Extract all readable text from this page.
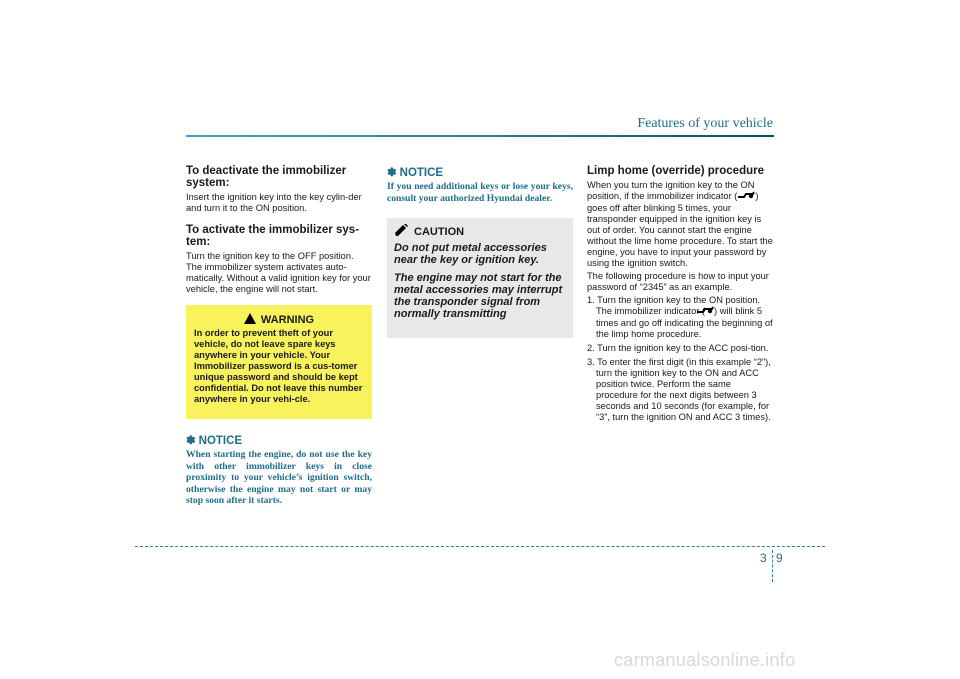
Features of your vehicle
To deactivate the immobilizer system:
Insert the ignition key into the key cylin-der and turn it to the ON position.
To activate the immobilizer sys-tem:
Turn the ignition key to the OFF position. The immobilizer system activates auto-matically. Without a valid ignition key for your vehicle, the engine will not start.
WARNING
In order to prevent theft of your vehicle, do not leave spare keys anywhere in your vehicle. Your Immobilizer password is a cus-tomer unique password and should be kept confidential. Do not leave this number anywhere in your vehi-cle.
✽ NOTICE
When starting the engine, do not use the key with other immobilizer keys in close proximity to your vehicle’s ignition switch, otherwise the engine may not start or may stop soon after it starts.
✽ NOTICE
If you need additional keys or lose your keys, consult your authorized Hyundai dealer.
CAUTION
Do not put metal accessories near the key or ignition key.
The engine may not start for the metal accessories may interrupt the transponder signal from normally transmitting
Limp home (override) procedure
When you turn the ignition key to the ON position, if the immobilizer indicator ( ) goes off after blinking 5 times, your transponder equipped in the ignition key is out of order. You cannot start the engine without the lime home procedure. To start the engine, you have to input your password by using the ignition switch.
The following procedure is how to input your password of “2345” as an example.
1. Turn the ignition key to the ON position. The immobilizer indicator ( ) will blink 5 times and go off indicating the beginning of the limp home procedure.
2. Turn the ignition key to the ACC posi-tion.
3. To enter the first digit (in this example “2”), turn the ignition key to the ON and ACC position twice. Perform the same procedure for the next digits between 3 seconds and 10 seconds (for example, for “3”, turn the ignition ON and ACC 3 times).
3 9
carmanualsonline.info
